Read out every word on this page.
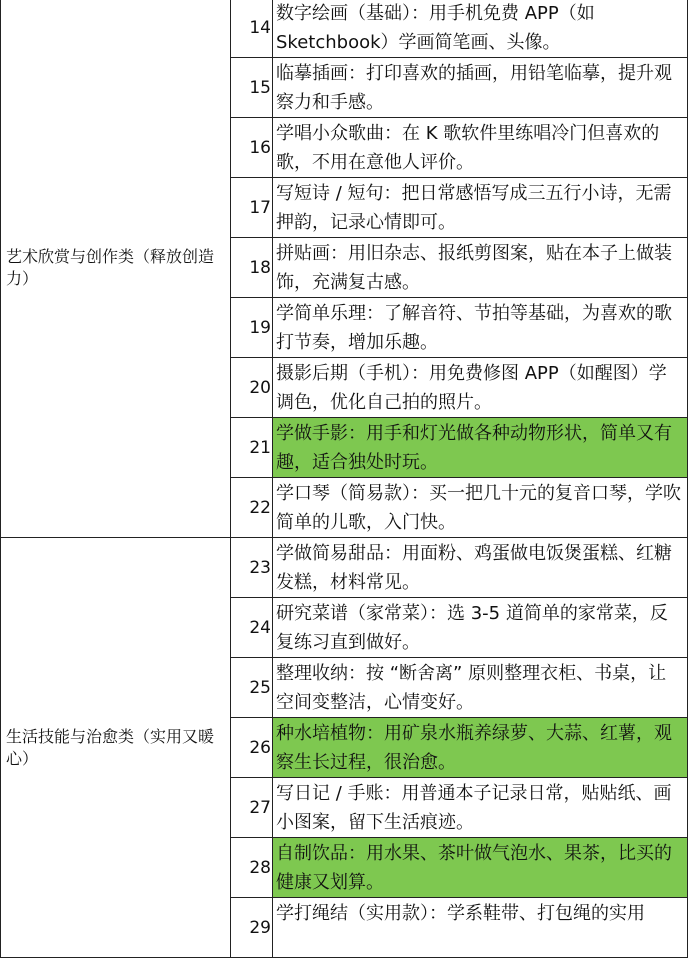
艺术欣赏与创作类（释放创造力）	14	数字绘画（基础）：用手机免费 APP（如 Sketchbook）学画简笔画、头像。
	15	临摹插画：打印喜欢的插画，用铅笔临摹，提升观察力和手感。
	16	学唱小众歌曲：在 K 歌软件里练唱冷门但喜欢的歌，不用在意他人评价。
	17	写短诗 / 短句：把日常感悟写成三五行小诗，无需押韵，记录心情即可。
	18	拼贴画：用旧杂志、报纸剪图案，贴在本子上做装饰，充满复古感。
	19	学简单乐理：了解音符、节拍等基础，为喜欢的歌打节奏，增加乐趣。
	20	摄影后期（手机）：用免费修图 APP（如醒图）学调色，优化自己拍的照片。
	21	学做手影：用手和灯光做各种动物形状，简单又有趣，适合独处时玩。
	22	学口琴（简易款）：买一把几十元的复音口琴，学吹简单的儿歌，入门快。
生活技能与治愈类（实用又暖心）	23	学做简易甜品：用面粉、鸡蛋做电饭煲蛋糕、红糖发糕，材料常见。
	24	研究菜谱（家常菜）：选 3-5 道简单的家常菜，反复练习直到做好。
	25	整理收纳：按 “断舍离” 原则整理衣柜、书桌，让空间变整洁，心情变好。
	26	种水培植物：用矿泉水瓶养绿萝、大蒜、红薯，观察生长过程，很治愈。
	27	写日记 / 手账：用普通本子记录日常，贴贴纸、画小图案，留下生活痕迹。
	28	自制饮品：用水果、茶叶做气泡水、果茶，比买的健康又划算。
	29	学打绳结（实用款）：学系鞋带、打包绳的实用
